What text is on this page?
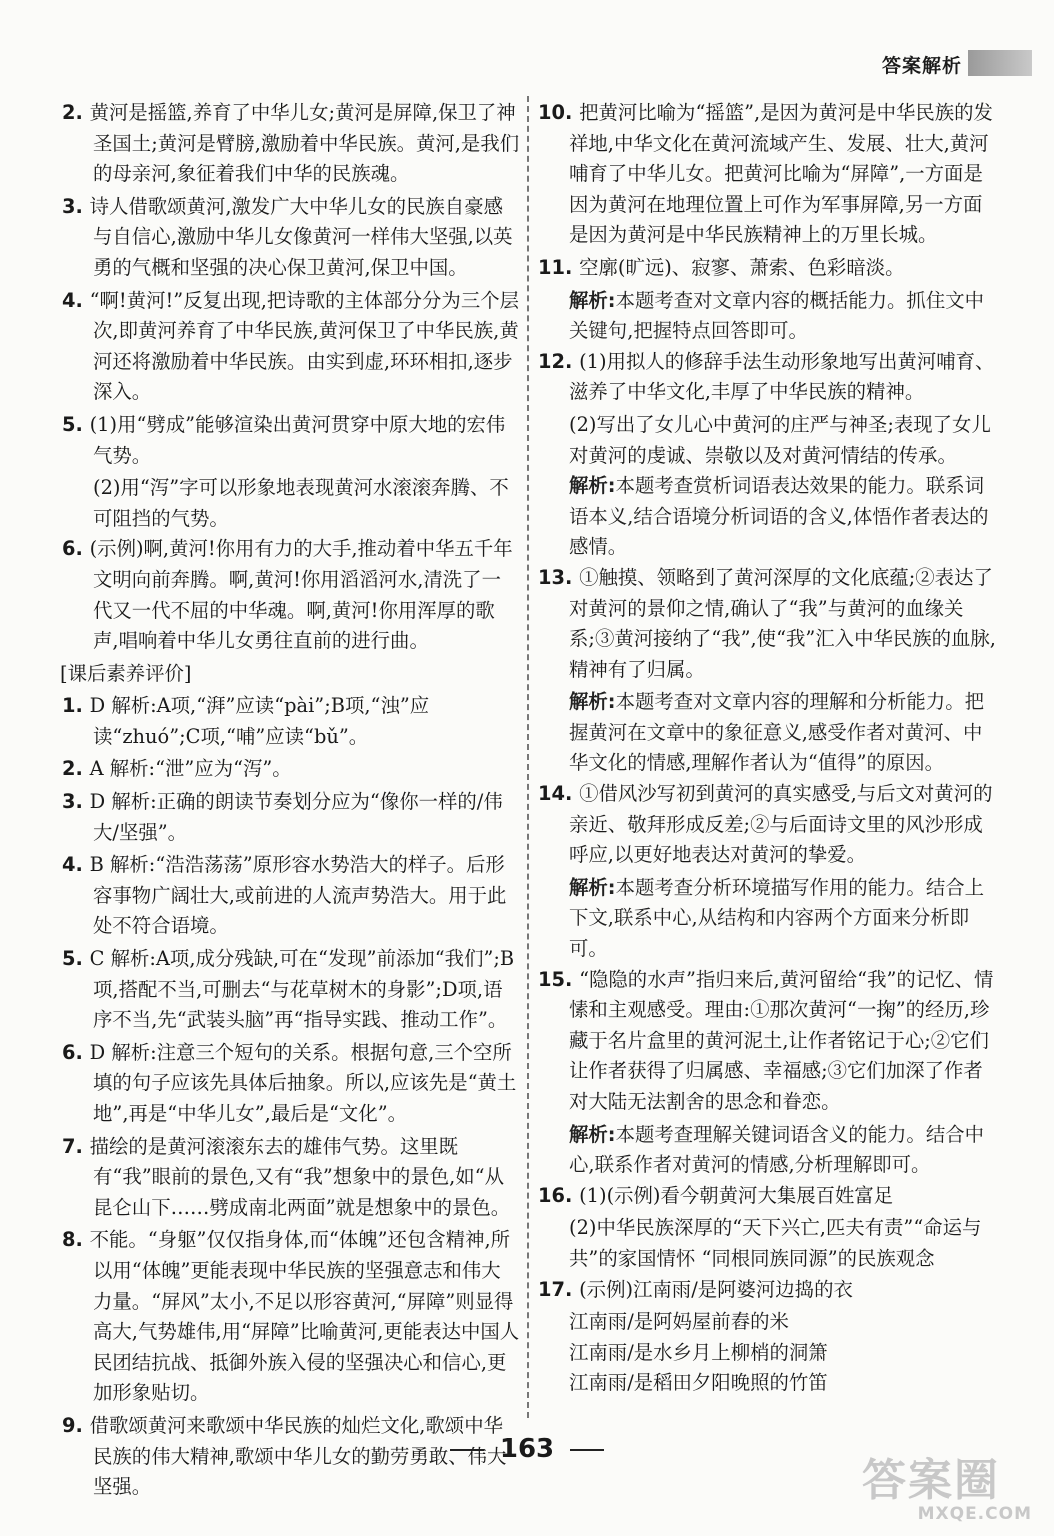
答案解析

2. 黄河是摇篮,养育了中华儿女;黄河是屏障,保卫了神圣国土;黄河是臂膀,激励着中华民族。黄河,是我们的母亲河,象征着我们中华的民族魂。

3. 诗人借歌颂黄河,激发广大中华儿女的民族自豪感与自信心,激励中华儿女像黄河一样伟大坚强,以英勇的气概和坚强的决心保卫黄河,保卫中国。

4. “啊!黄河!”反复出现,把诗歌的主体部分分为三个层次,即黄河养育了中华民族,黄河保卫了中华民族,黄河还将激励着中华民族。由实到虚,环环相扣,逐步深入。

5. (1)用“劈成”能够渲染出黄河贯穿中原大地的宏伟气势。

(2)用“泻”字可以形象地表现黄河水滚滚奔腾、不可阻挡的气势。

6. (示例)啊,黄河!你用有力的大手,推动着中华五千年文明向前奔腾。啊,黄河!你用滔滔河水,清洗了一代又一代不屈的中华魂。啊,黄河!你用浑厚的歌声,唱响着中华儿女勇往直前的进行曲。

[课后素养评价]

1. D 解析:A项,“湃”应读“pài”;B项,“浊”应读“zhuó”;C项,“哺”应读“bǔ”。

2. A 解析:“泄”应为“泻”。

3. D 解析:正确的朗读节奏划分应为“像你一样的/伟大/坚强”。

4. B 解析:“浩浩荡荡”原形容水势浩大的样子。后形容事物广阔壮大,或前进的人流声势浩大。用于此处不符合语境。

5. C 解析:A项,成分残缺,可在“发现”前添加“我们”;B项,搭配不当,可删去“与花草树木的身影”;D项,语序不当,先“武装头脑”再“指导实践、推动工作”。

6. D 解析:注意三个短句的关系。根据句意,三个空所填的句子应该先具体后抽象。所以,应该先是“黄土地”,再是“中华儿女”,最后是“文化”。

7. 描绘的是黄河滚滚东去的雄伟气势。这里既有“我”眼前的景色,又有“我”想象中的景色,如“从昆仑山下……劈成南北两面”就是想象中的景色。

8. 不能。“身躯”仅仅指身体,而“体魄”还包含精神,所以用“体魄”更能表现中华民族的坚强意志和伟大力量。“屏风”太小,不足以形容黄河,“屏障”则显得高大,气势雄伟,用“屏障”比喻黄河,更能表达中国人民团结抗战、抵御外族入侵的坚强决心和信心,更加形象贴切。

9. 借歌颂黄河来歌颂中华民族的灿烂文化,歌颂中华民族的伟大精神,歌颂中华儿女的勤劳勇敢、伟大坚强。

10. 把黄河比喻为“摇篮”,是因为黄河是中华民族的发祥地,中华文化在黄河流域产生、发展、壮大,黄河哺育了中华儿女。把黄河比喻为“屏障”,一方面是因为黄河在地理位置上可作为军事屏障,另一方面是因为黄河是中华民族精神上的万里长城。

11. 空廓(旷远)、寂寥、萧索、色彩暗淡。

解析:本题考查对文章内容的概括能力。抓住文中关键句,把握特点回答即可。

12. (1)用拟人的修辞手法生动形象地写出黄河哺育、滋养了中华文化,丰厚了中华民族的精神。

(2)写出了女儿心中黄河的庄严与神圣;表现了女儿对黄河的虔诚、崇敬以及对黄河情结的传承。

解析:本题考查赏析词语表达效果的能力。联系词语本义,结合语境分析词语的含义,体悟作者表达的感情。

13. ①触摸、领略到了黄河深厚的文化底蕴;②表达了对黄河的景仰之情,确认了“我”与黄河的血缘关系;③黄河接纳了“我”,使“我”汇入中华民族的血脉,精神有了归属。

解析:本题考查对文章内容的理解和分析能力。把握黄河在文章中的象征意义,感受作者对黄河、中华文化的情感,理解作者认为“值得”的原因。

14. ①借风沙写初到黄河的真实感受,与后文对黄河的亲近、敬拜形成反差;②与后面诗文里的风沙形成呼应,以更好地表达对黄河的挚爱。

解析:本题考查分析环境描写作用的能力。结合上下文,联系中心,从结构和内容两个方面来分析即可。

15. “隐隐的水声”指归来后,黄河留给“我”的记忆、情愫和主观感受。理由:①那次黄河“一掬”的经历,珍藏于名片盒里的黄河泥土,让作者铭记于心;②它们让作者获得了归属感、幸福感;③它们加深了作者对大陆无法割舍的思念和眷恋。

解析:本题考查理解关键词语含义的能力。结合中心,联系作者对黄河的情感,分析理解即可。

16. (1)(示例)看今朝黄河大集展百姓富足

(2)中华民族深厚的“天下兴亡,匹夫有责”“命运与共”的家国情怀 “同根同族同源”的民族观念

17. (示例)江南雨/是阿婆河边捣的衣

江南雨/是阿妈屋前舂的米

江南雨/是水乡月上柳梢的洞箫

江南雨/是稻田夕阳晚照的竹笛

163
答案圈
MXQE.COM
